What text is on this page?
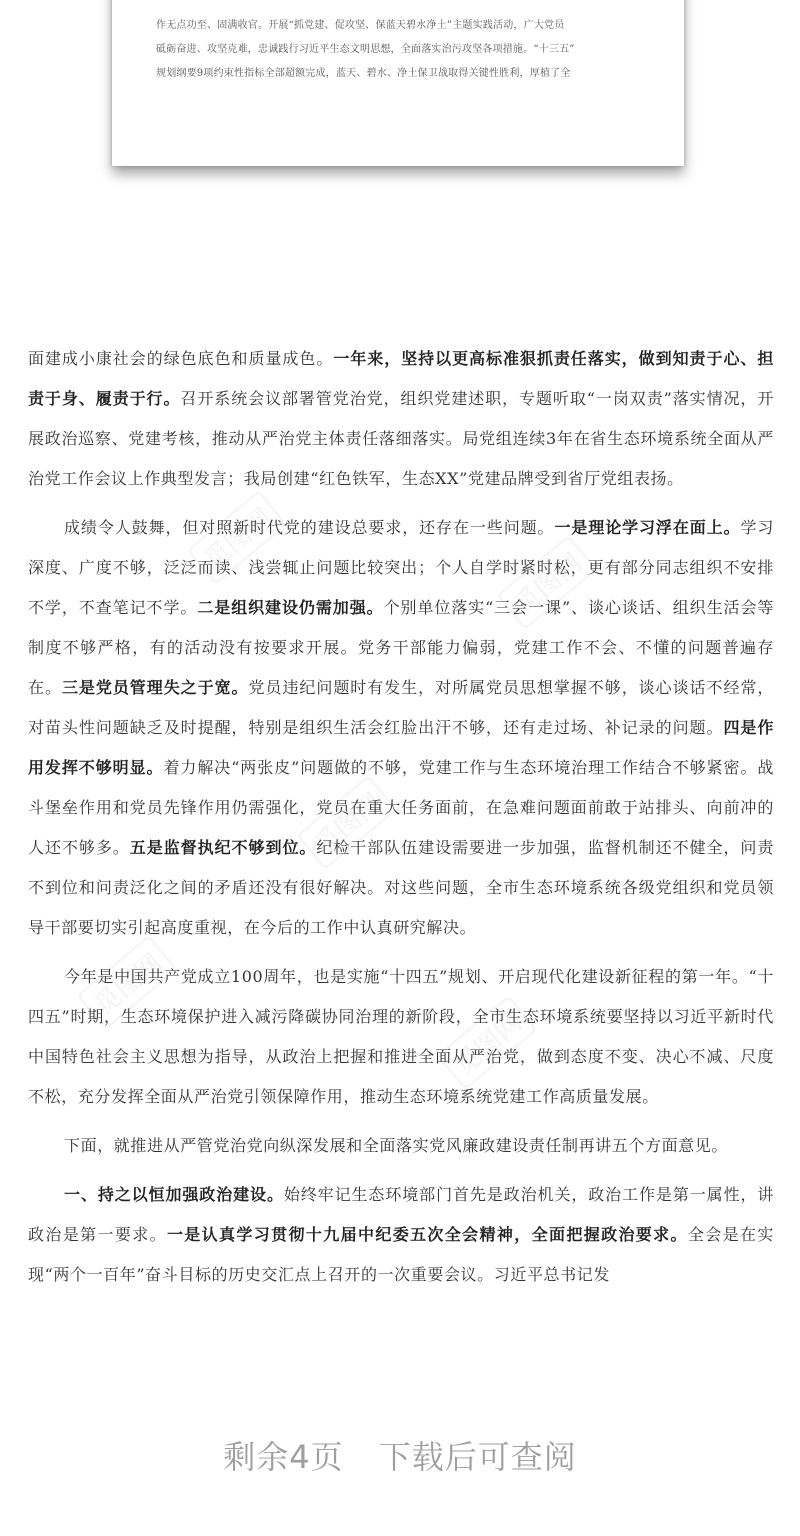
作无点功至、固满收官。开展“抓党建、促攻坚、保蓝天碧水净土”主题实践活动，广大党员
砥砺奋进、攻坚克难，忠诚践行习近平生态文明思想，全面落实治污攻坚各项措施。“十三五”
规划纲要9项约束性指标全部超额完成，蓝天、碧水、净土保卫战取得关键性胜利，厚植了全
觅图网
觅图网
觅图网
觅图网
觅图网

面建成小康社会的绿色底色和质量成色。一年来，坚持以更高标准狠抓责任落实，做到知责于心、担责于身、履责于行。召开系统会议部署管党治党，组织党建述职，专题听取“一岗双责”落实情况，开展政治巡察、党建考核，推动从严治党主体责任落细落实。局党组连续3年在省生态环境系统全面从严治党工作会议上作典型发言；我局创建“红色铁军，生态XX”党建品牌受到省厅党组表扬。

成绩令人鼓舞，但对照新时代党的建设总要求，还存在一些问题。一是理论学习浮在面上。学习深度、广度不够，泛泛而读、浅尝辄止问题比较突出；个人自学时紧时松，更有部分同志组织不安排不学，不查笔记不学。二是组织建设仍需加强。个别单位落实“三会一课”、谈心谈话、组织生活会等制度不够严格，有的活动没有按要求开展。党务干部能力偏弱，党建工作不会、不懂的问题普遍存在。三是党员管理失之于宽。党员违纪问题时有发生，对所属党员思想掌握不够，谈心谈话不经常，对苗头性问题缺乏及时提醒，特别是组织生活会红脸出汗不够，还有走过场、补记录的问题。四是作用发挥不够明显。着力解决“两张皮”问题做的不够，党建工作与生态环境治理工作结合不够紧密。战斗堡垒作用和党员先锋作用仍需强化，党员在重大任务面前，在急难问题面前敢于站排头、向前冲的人还不够多。五是监督执纪不够到位。纪检干部队伍建设需要进一步加强，监督机制还不健全，问责不到位和问责泛化之间的矛盾还没有很好解决。对这些问题，全市生态环境系统各级党组织和党员领导干部要切实引起高度重视，在今后的工作中认真研究解决。

今年是中国共产党成立100周年，也是实施“十四五”规划、开启现代化建设新征程的第一年。“十四五”时期，生态环境保护进入减污降碳协同治理的新阶段，全市生态环境系统要坚持以习近平新时代中国特色社会主义思想为指导，从政治上把握和推进全面从严治党，做到态度不变、决心不减、尺度不松，充分发挥全面从严治党引领保障作用，推动生态环境系统党建工作高质量发展。

下面，就推进从严管党治党向纵深发展和全面落实党风廉政建设责任制再讲五个方面意见。

一、持之以恒加强政治建设。始终牢记生态环境部门首先是政治机关，政治工作是第一属性，讲政治是第一要求。一是认真学习贯彻十九届中纪委五次全会精神，全面把握政治要求。全会是在实现“两个一百年”奋斗目标的历史交汇点上召开的一次重要会议。习近平总书记发

剩余4页 下载后可查阅
